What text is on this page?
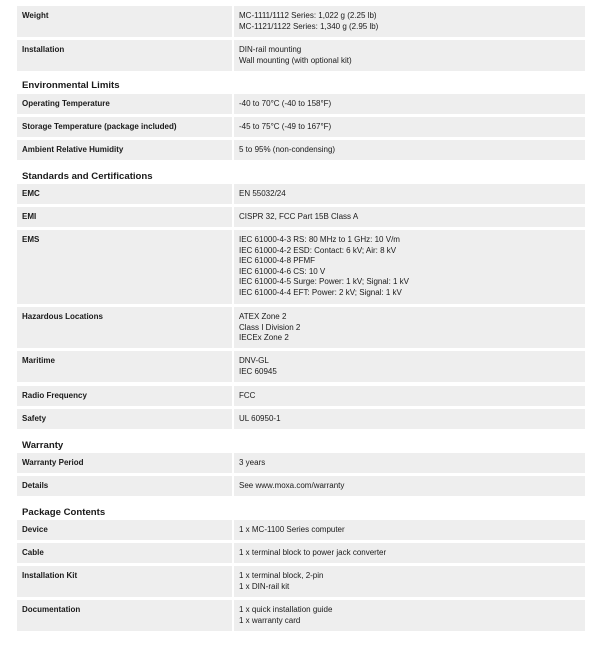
Weight	MC-1111/1112 Series: 1,022 g (2.25 lb)
MC-1121/1122 Series: 1,340 g (2.95 lb)
Installation	DIN-rail mounting
Wall mounting (with optional kit)
Environmental Limits
Operating Temperature	-40 to 70°C (-40 to 158°F)
Storage Temperature (package included)	-45 to 75°C (-49 to 167°F)
Ambient Relative Humidity	5 to 95% (non-condensing)
Standards and Certifications
EMC	EN 55032/24
EMI	CISPR 32, FCC Part 15B Class A
EMS	IEC 61000-4-3 RS: 80 MHz to 1 GHz: 10 V/m
IEC 61000-4-2 ESD: Contact: 6 kV; Air: 8 kV
IEC 61000-4-8 PFMF
IEC 61000-4-6 CS: 10 V
IEC 61000-4-5 Surge: Power: 1 kV; Signal: 1 kV
IEC 61000-4-4 EFT: Power: 2 kV; Signal: 1 kV
Hazardous Locations	ATEX Zone 2
Class I Division 2
IECEx Zone 2
Maritime	DNV-GL
IEC 60945
Radio Frequency	FCC
Safety	UL 60950-1
Warranty
Warranty Period	3 years
Details	See www.moxa.com/warranty
Package Contents
Device	1 x MC-1100 Series computer
Cable	1 x terminal block to power jack converter
Installation Kit	1 x terminal block, 2-pin
1 x DIN-rail kit
Documentation	1 x quick installation guide
1 x warranty card
